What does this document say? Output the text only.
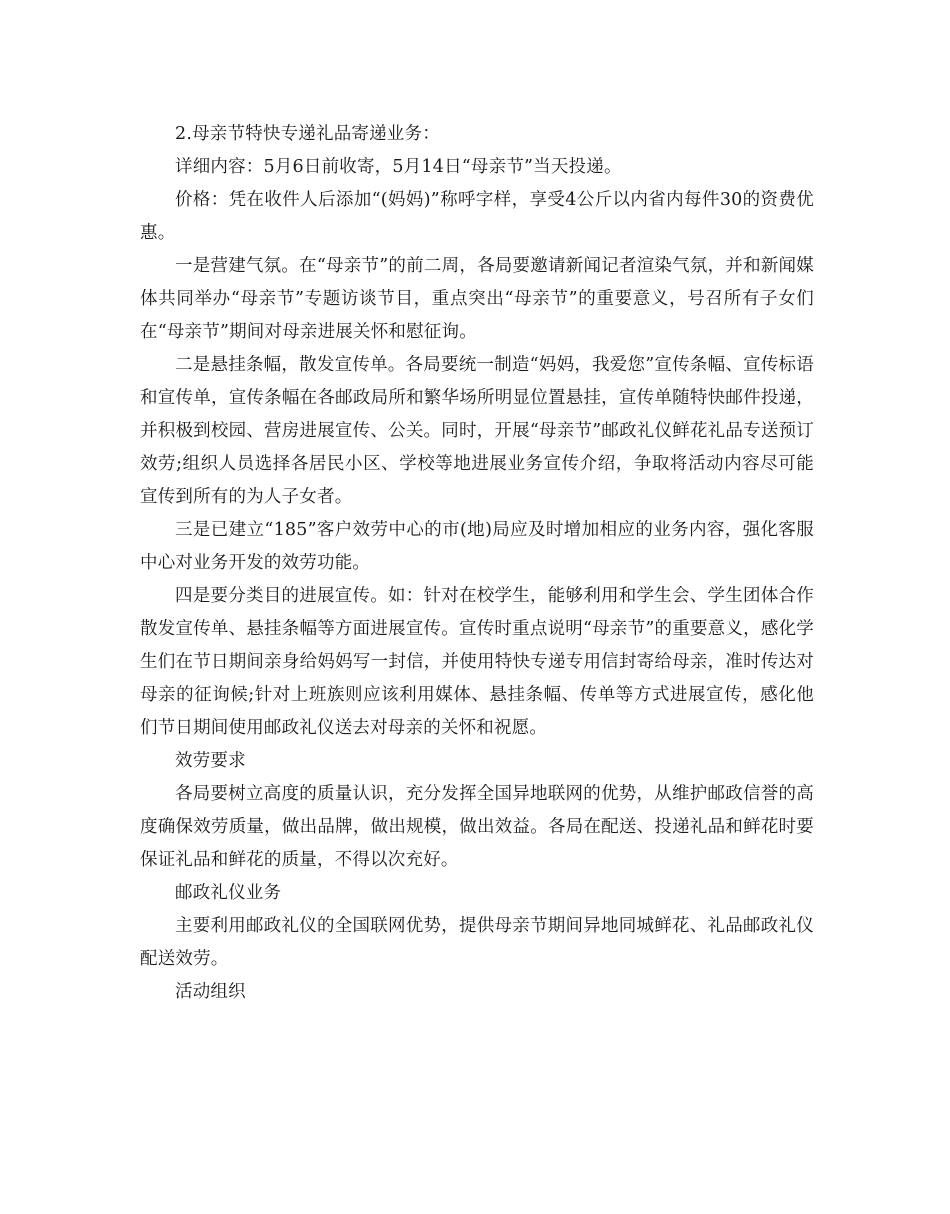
2.母亲节特快专递礼品寄递业务：

详细内容：5月6日前收寄，5月14日“母亲节”当天投递。

价格：凭在收件人后添加“(妈妈)”称呼字样，享受4公斤以内省内每件30的资费优惠。

一是营建气氛。在“母亲节”的前二周，各局要邀请新闻记者渲染气氛，并和新闻媒体共同举办“母亲节”专题访谈节目，重点突出“母亲节”的重要意义，号召所有子女们在“母亲节”期间对母亲进展关怀和慰征询。

二是悬挂条幅，散发宣传单。各局要统一制造“妈妈，我爱您”宣传条幅、宣传标语和宣传单，宣传条幅在各邮政局所和繁华场所明显位置悬挂，宣传单随特快邮件投递，并积极到校园、营房进展宣传、公关。同时，开展“母亲节”邮政礼仪鲜花礼品专送预订效劳;组织人员选择各居民小区、学校等地进展业务宣传介绍，争取将活动内容尽可能宣传到所有的为人子女者。

三是已建立“185”客户效劳中心的市(地)局应及时增加相应的业务内容，强化客服中心对业务开发的效劳功能。

四是要分类目的进展宣传。如：针对在校学生，能够利用和学生会、学生团体合作散发宣传单、悬挂条幅等方面进展宣传。宣传时重点说明“母亲节”的重要意义，感化学生们在节日期间亲身给妈妈写一封信，并使用特快专递专用信封寄给母亲，准时传达对母亲的征询候;针对上班族则应该利用媒体、悬挂条幅、传单等方式进展宣传，感化他们节日期间使用邮政礼仪送去对母亲的关怀和祝愿。

效劳要求

各局要树立高度的质量认识，充分发挥全国异地联网的优势，从维护邮政信誉的高度确保效劳质量，做出品牌，做出规模，做出效益。各局在配送、投递礼品和鲜花时要保证礼品和鲜花的质量，不得以次充好。

邮政礼仪业务

主要利用邮政礼仪的全国联网优势，提供母亲节期间异地同城鲜花、礼品邮政礼仪配送效劳。

活动组织
